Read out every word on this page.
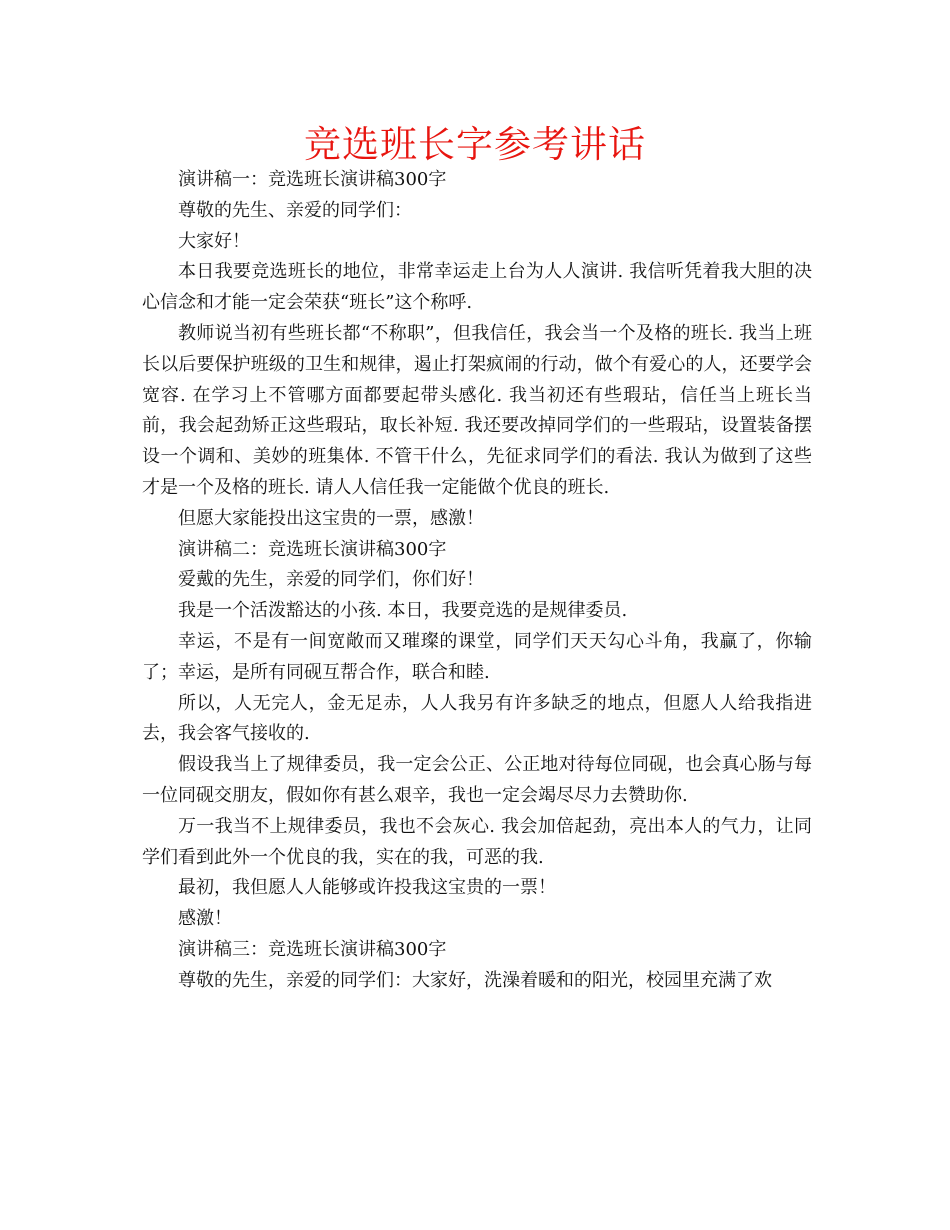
竞选班长字参考讲话

演讲稿一：竞选班长演讲稿300字

尊敬的先生、亲爱的同学们：

大家好！

本日我要竞选班长的地位，非常幸运走上台为人人演讲. 我信听凭着我大胆的决心信念和才能一定会荣获“班长”这个称呼.

教师说当初有些班长都“不称职”，但我信任，我会当一个及格的班长. 我当上班长以后要保护班级的卫生和规律，遏止打架疯闹的行动，做个有爱心的人，还要学会宽容. 在学习上不管哪方面都要起带头感化. 我当初还有些瑕玷，信任当上班长当前，我会起劲矫正这些瑕玷，取长补短. 我还要改掉同学们的一些瑕玷，设置装备摆设一个调和、美妙的班集体. 不管干什么，先征求同学们的看法. 我认为做到了这些才是一个及格的班长. 请人人信任我一定能做个优良的班长.

但愿大家能投出这宝贵的一票，感激！

演讲稿二：竞选班长演讲稿300字

爱戴的先生，亲爱的同学们，你们好！

我是一个活泼豁达的小孩. 本日，我要竞选的是规律委员.

幸运，不是有一间宽敞而又璀璨的课堂，同学们天天勾心斗角，我赢了，你输了；幸运，是所有同砚互帮合作，联合和睦.

所以，人无完人，金无足赤，人人我另有许多缺乏的地点，但愿人人给我指进去，我会客气接收的.

假设我当上了规律委员，我一定会公正、公正地对待每位同砚，也会真心肠与每一位同砚交朋友，假如你有甚么艰辛，我也一定会竭尽尽力去赞助你.

万一我当不上规律委员，我也不会灰心. 我会加倍起劲，亮出本人的气力，让同学们看到此外一个优良的我，实在的我，可恶的我.

最初，我但愿人人能够或许投我这宝贵的一票！

感激！

演讲稿三：竞选班长演讲稿300字

尊敬的先生，亲爱的同学们：大家好，洗澡着暖和的阳光，校园里充满了欢
